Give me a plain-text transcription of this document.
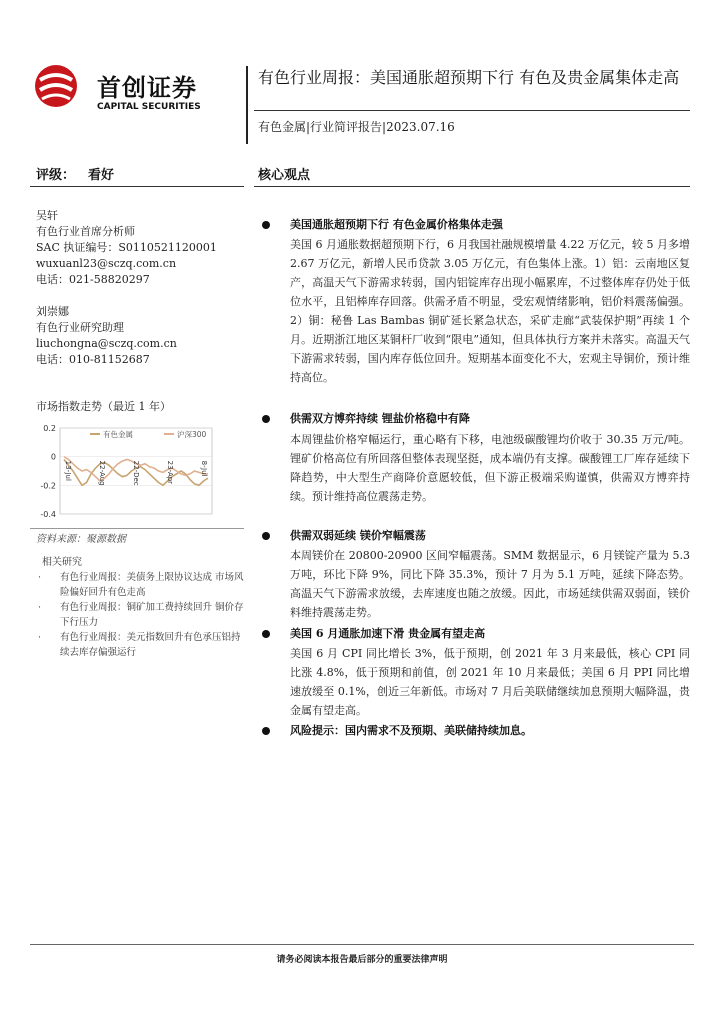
首创证券
CAPITAL SECURITIES
有色行业周报：美国通胀超预期下行 有色及贵金属集体走高
有色金属|行业简评报告|2023.07.16
评级： 看好	核心观点
吴轩
有色行业首席分析师
SAC 执证编号：S0110521120001
wuxuanl23@sczq.com.cn
电话：021-58820297
刘崇娜
有色行业研究助理
liuchongna@sczq.com.cn
电话：010-81152687
市场指数走势（最近 1 年）
0.2
0
-0.2
-0.4
有色金属	沪深300
13-Jul	22-Aug	22-Dec	23-Apr	8-Jul
资料来源：聚源数据
相关研究
·	有色行业周报：美债务上限协议达成 市场风险偏好回升有色走高
·	有色行业周报：铜矿加工费持续回升 铜价存下行压力
·	有色行业周报：美元指数回升有色承压铝持续去库存偏强运行
美国通胀超预期下行 有色金属价格集体走强
美国 6 月通胀数据超预期下行，6 月我国社融规模增量 4.22 万亿元，较 5 月多增 2.67 万亿元，新增人民币贷款 3.05 万亿元，有色集体上涨。1）铝：云南地区复产，高温天气下游需求转弱，国内铝锭库存出现小幅累库，不过整体库存仍处于低位水平，且铝棒库存回落。供需矛盾不明显，受宏观情绪影响，铝价料震荡偏强。2）铜：秘鲁 Las Bambas 铜矿延长紧急状态，采矿走廊“武装保护期”再续 1 个月。近期浙江地区某铜杆厂收到“限电”通知，但具体执行方案并未落实。高温天气下游需求转弱，国内库存低位回升。短期基本面变化不大，宏观主导铜价，预计维持高位。
供需双方博弈持续 锂盐价格稳中有降
本周锂盐价格窄幅运行，重心略有下移，电池级碳酸锂均价收于 30.35 万元/吨。锂矿价格高位有所回落但整体表现坚挺，成本端仍有支撑。碳酸锂工厂库存延续下降趋势，中大型生产商降价意愿较低，但下游正极端采购谨慎，供需双方博弈持续。预计维持高位震荡走势。
供需双弱延续 镁价窄幅震荡
本周镁价在 20800-20900 区间窄幅震荡。SMM 数据显示，6 月镁锭产量为 5.3 万吨，环比下降 9%，同比下降 35.3%，预计 7 月为 5.1 万吨，延续下降态势。高温天气下游需求放缓，去库速度也随之放缓。因此，市场延续供需双弱面，镁价料维持震荡走势。
美国 6 月通胀加速下滑 贵金属有望走高
美国 6 月 CPI 同比增长 3%，低于预期，创 2021 年 3 月来最低，核心 CPI 同比涨 4.8%，低于预期和前值，创 2021 年 10 月来最低；美国 6 月 PPI 同比增速放缓至 0.1%，创近三年新低。市场对 7 月后美联储继续加息预期大幅降温，贵金属有望走高。
风险提示：国内需求不及预期、美联储持续加息。
请务必阅读本报告最后部分的重要法律声明
